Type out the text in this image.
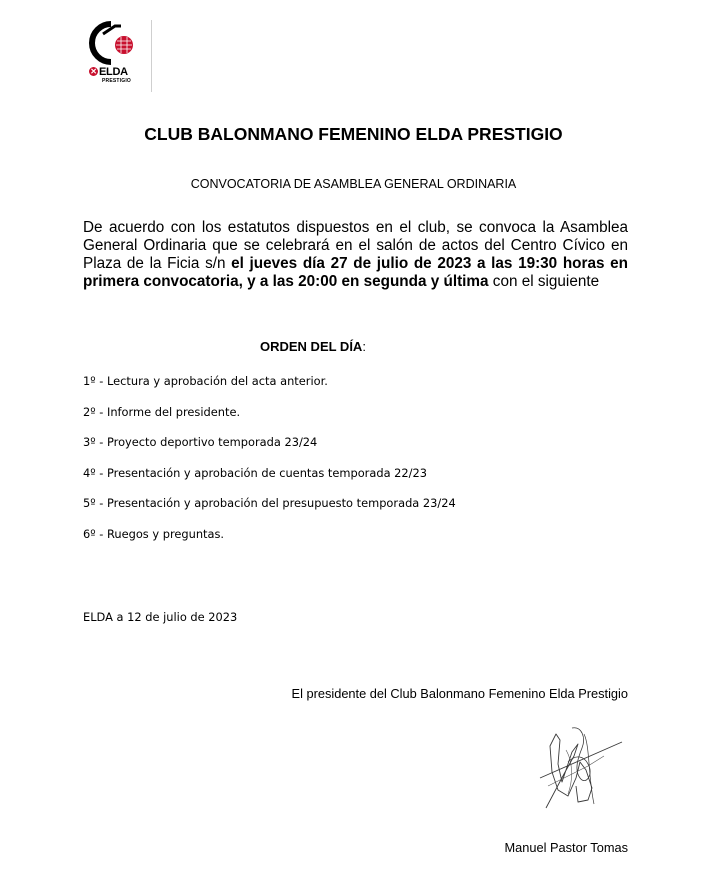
✕ ELDA
PRESTIGIO
CLUB BALONMANO FEMENINO ELDA PRESTIGIO

CONVOCATORIA DE ASAMBLEA GENERAL ORDINARIA

De acuerdo con los estatutos dispuestos en el club, se convoca la Asamblea General Ordinaria que se celebrará en el salón de actos del Centro Cívico en Plaza de la Ficia s/n el jueves día 27 de julio de 2023 a las 19:30 horas en primera convocatoria, y a las 20:00 en segunda y última con el siguiente

ORDEN DEL DÍA:

1º - Lectura y aprobación del acta anterior.
2º - Informe del presidente.
3º - Proyecto deportivo temporada 23/24
4º - Presentación y aprobación de cuentas temporada 22/23
5º - Presentación y aprobación del presupuesto temporada 23/24
6º - Ruegos y preguntas.

ELDA a 12 de julio de 2023

El presidente del Club Balonmano Femenino Elda Prestigio

Manuel Pastor Tomas
